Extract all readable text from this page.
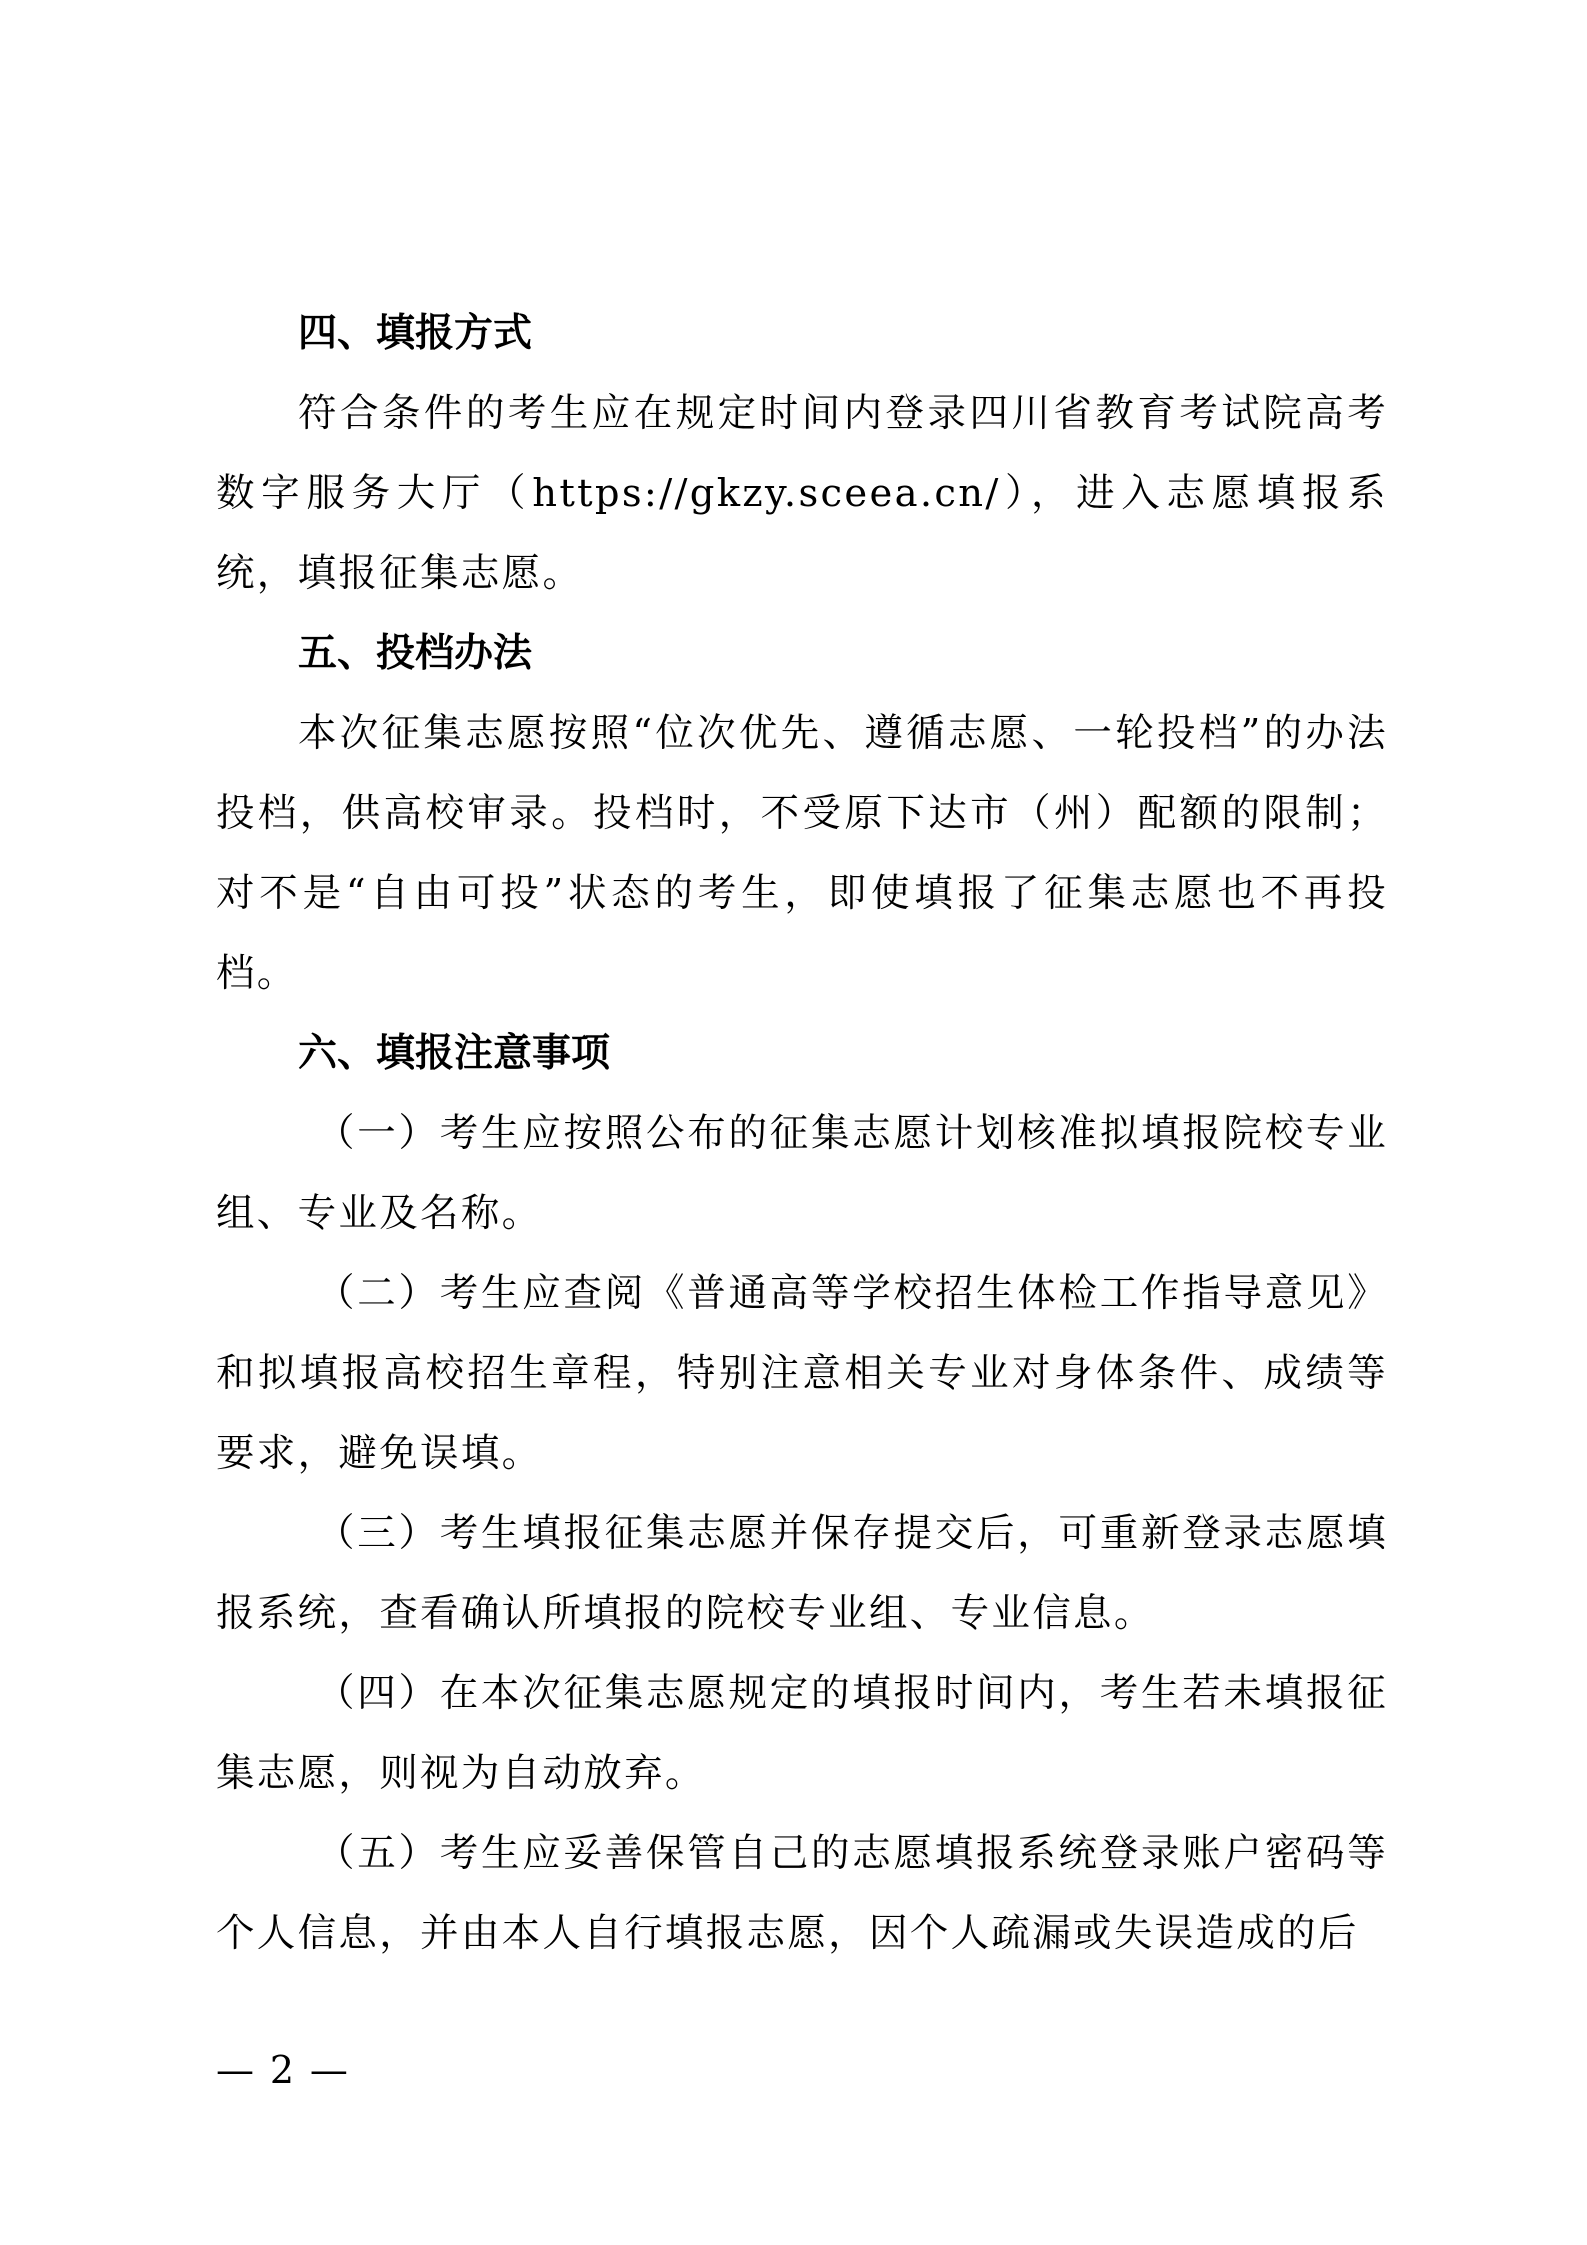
四、填报方式

符合条件的考生应在规定时间内登录四川省教育考试院高考数字服务大厅（https://gkzy.sceea.cn/），进入志愿填报系统，填报征集志愿。

五、投档办法

本次征集志愿按照“位次优先、遵循志愿、一轮投档”的办法投档，供高校审录。投档时，不受原下达市（州）配额的限制；对不是“自由可投”状态的考生，即使填报了征集志愿也不再投档。

六、填报注意事项

（一）考生应按照公布的征集志愿计划核准拟填报院校专业组、专业及名称。

（二）考生应查阅《普通高等学校招生体检工作指导意见》和拟填报高校招生章程，特别注意相关专业对身体条件、成绩等要求，避免误填。

（三）考生填报征集志愿并保存提交后，可重新登录志愿填报系统，查看确认所填报的院校专业组、专业信息。

（四）在本次征集志愿规定的填报时间内，考生若未填报征集志愿，则视为自动放弃。

（五）考生应妥善保管自己的志愿填报系统登录账户密码等个人信息，并由本人自行填报志愿，因个人疏漏或失误造成的后

— 2 —
